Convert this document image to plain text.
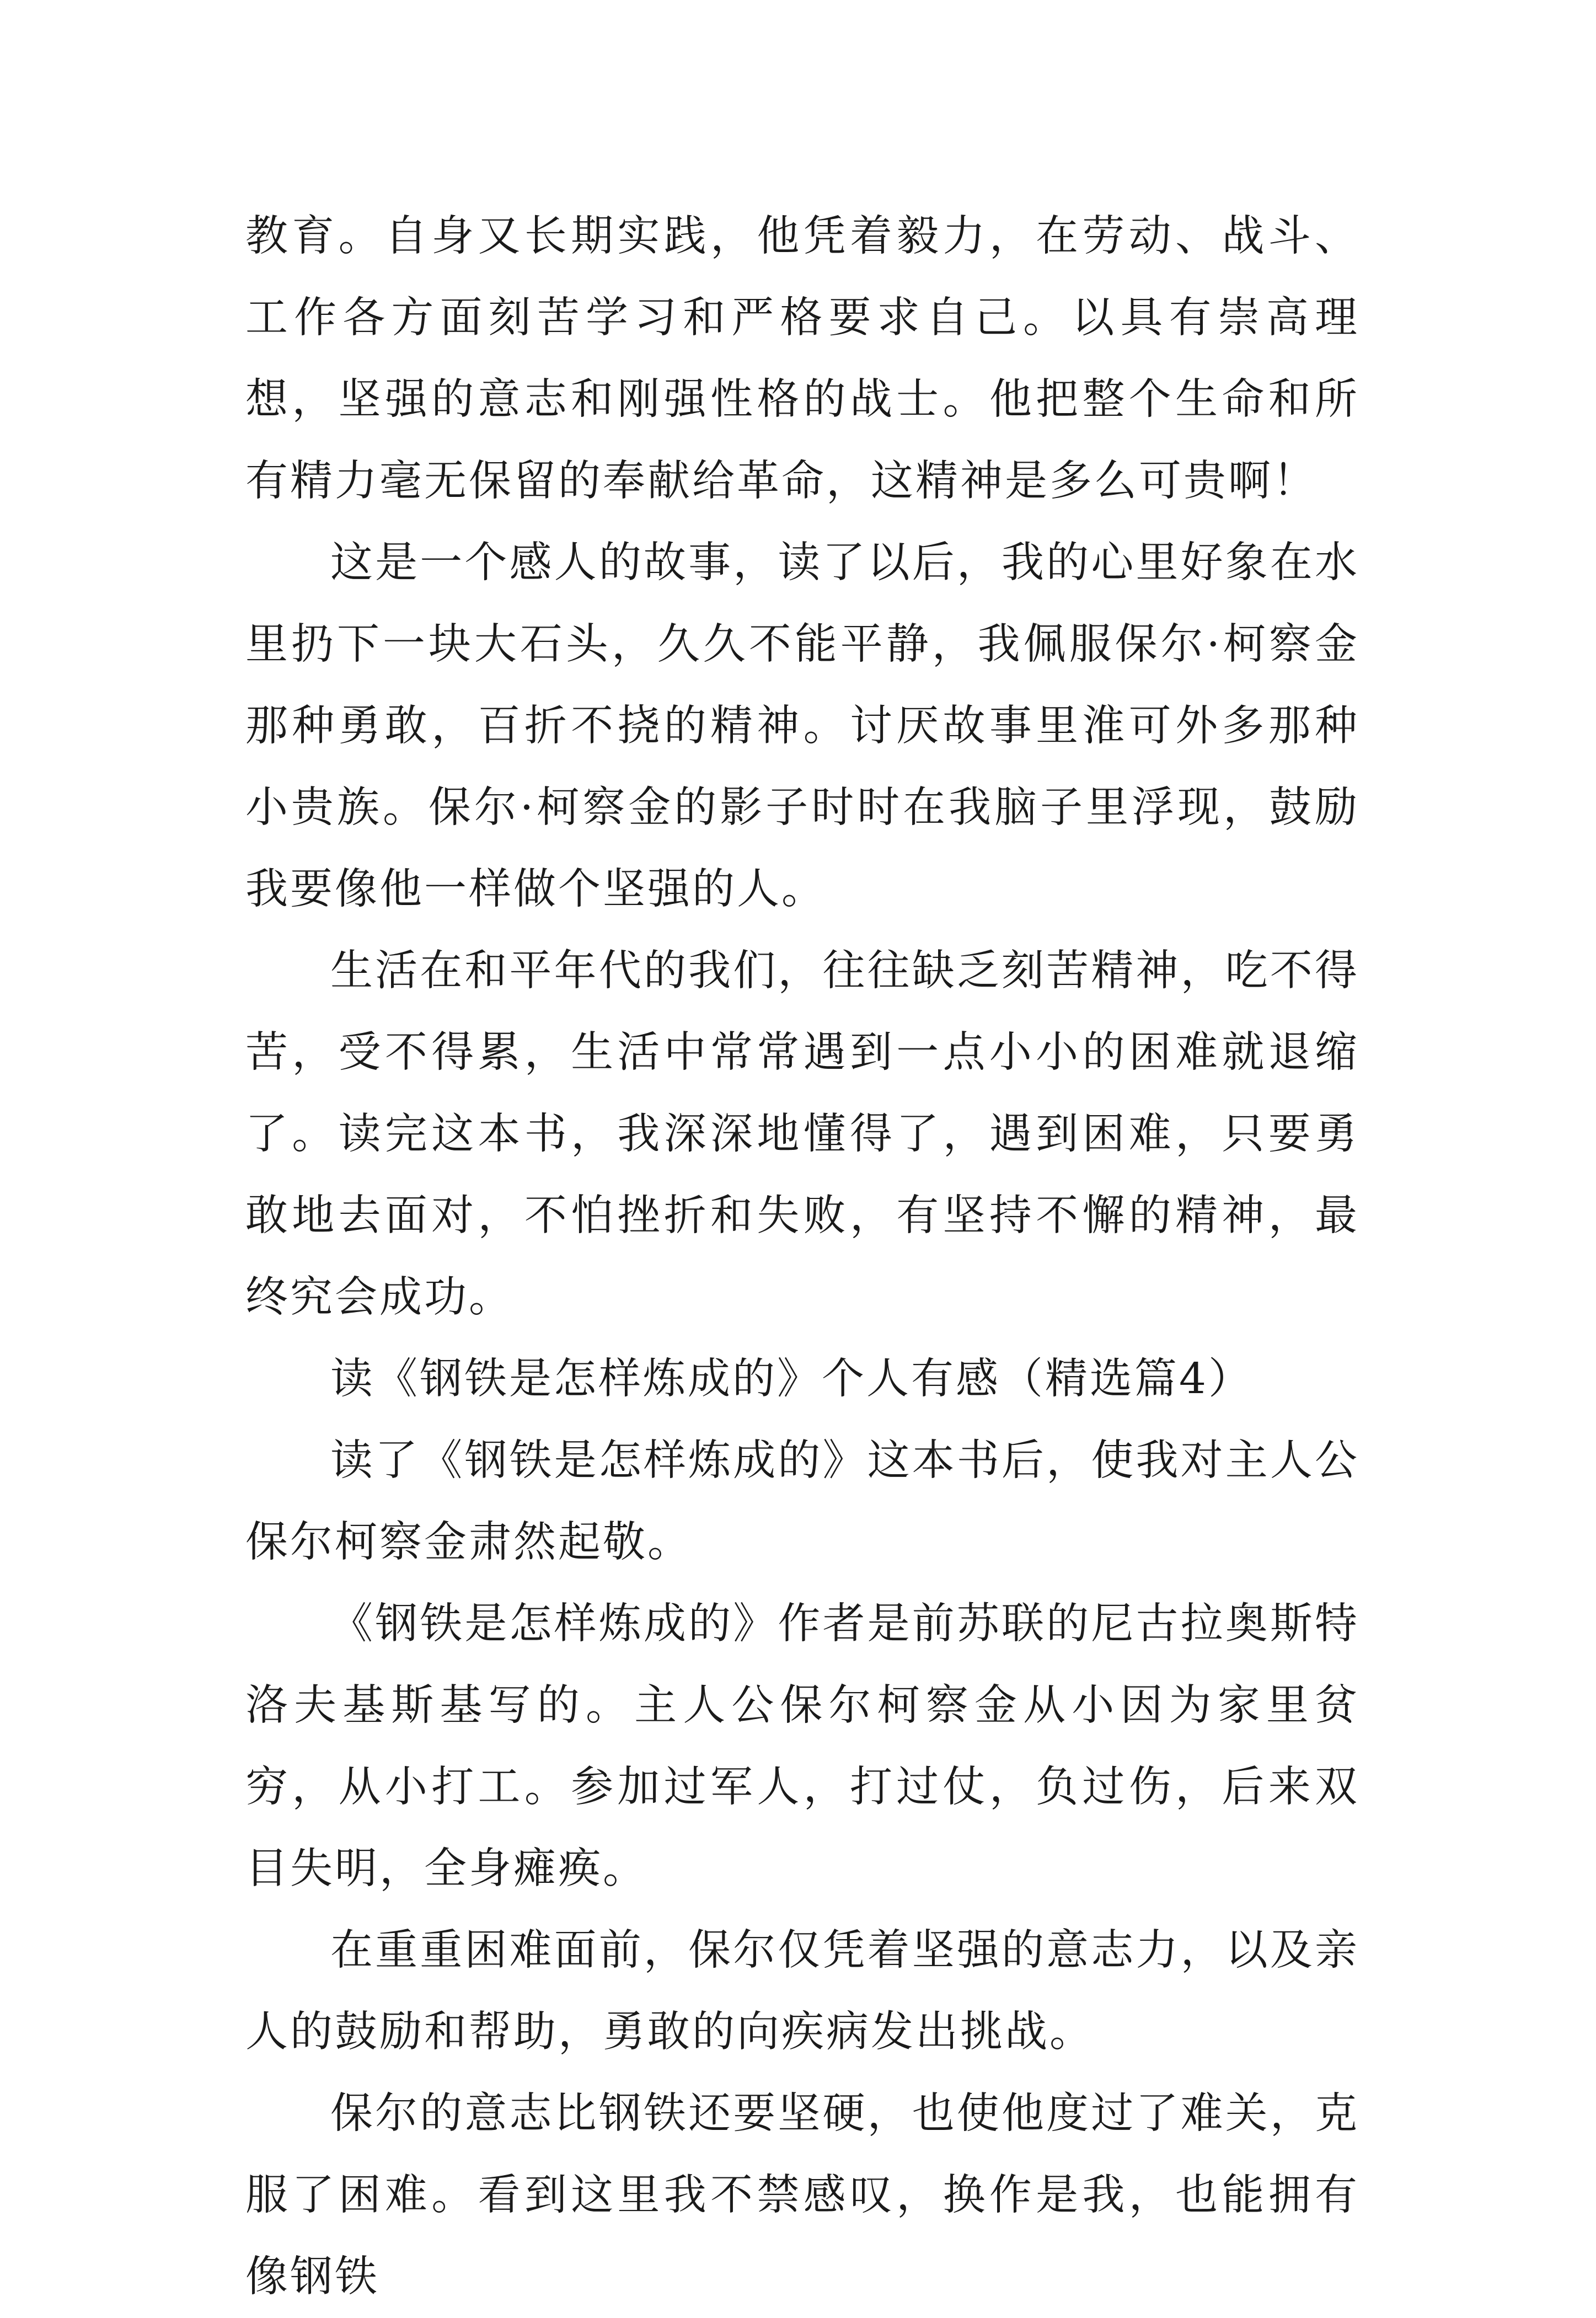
教育。自身又长期实践，他凭着毅力，在劳动、战斗、工作各方面刻苦学习和严格要求自己。以具有崇高理想，坚强的意志和刚强性格的战士。他把整个生命和所有精力毫无保留的奉献给革命，这精神是多么可贵啊！

这是一个感人的故事，读了以后，我的心里好象在水里扔下一块大石头，久久不能平静，我佩服保尔·柯察金那种勇敢，百折不挠的精神。讨厌故事里淮可外多那种小贵族。保尔·柯察金的影子时时在我脑子里浮现，鼓励我要像他一样做个坚强的人。

生活在和平年代的我们，往往缺乏刻苦精神，吃不得苦，受不得累，生活中常常遇到一点小小的困难就退缩了。读完这本书，我深深地懂得了，遇到困难，只要勇敢地去面对，不怕挫折和失败，有坚持不懈的精神，最终究会成功。

读《钢铁是怎样炼成的》个人有感（精选篇4）

读了《钢铁是怎样炼成的》这本书后，使我对主人公保尔柯察金肃然起敬。

《钢铁是怎样炼成的》作者是前苏联的尼古拉奥斯特洛夫基斯基写的。主人公保尔柯察金从小因为家里贫穷，从小打工。参加过军人，打过仗，负过伤，后来双目失明，全身瘫痪。

在重重困难面前，保尔仅凭着坚强的意志力，以及亲人的鼓励和帮助，勇敢的向疾病发出挑战。

保尔的意志比钢铁还要坚硬，也使他度过了难关，克服了困难。看到这里我不禁感叹，换作是我，也能拥有像钢铁
